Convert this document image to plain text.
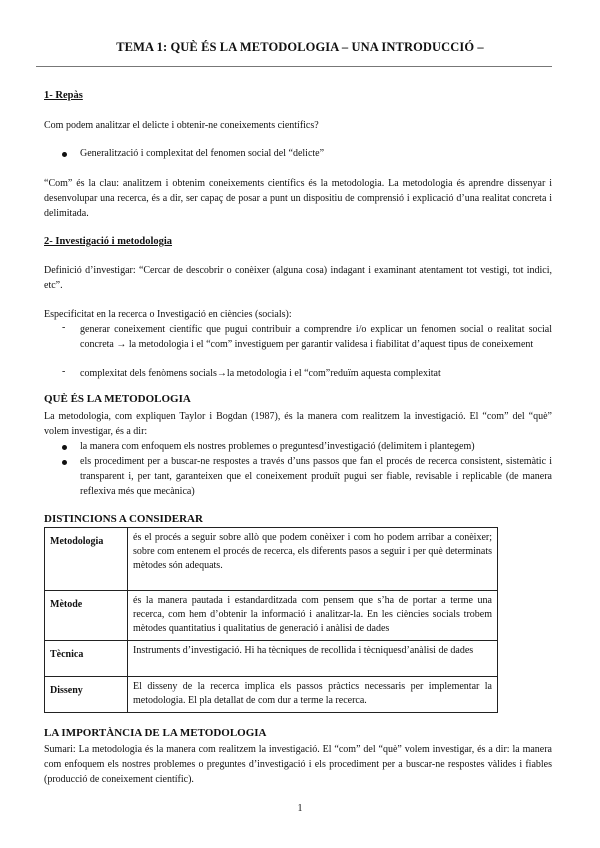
TEMA 1: QUÈ ÉS LA METODOLOGIA – UNA INTRODUCCIÓ –
1- Repàs
Com podem analitzar el delicte i obtenir-ne coneixements científics?
Generalització i complexitat del fenomen social del “delicte”
“Com” és la clau: analitzem i obtenim coneixements científics és la metodologia. La metodologia és aprendre dissenyar i desenvolupar una recerca, és a dir, ser capaç de posar a punt un dispositiu de comprensió i explicació d’una realitat concreta i delimitada.
2- Investigació i metodologia
Definició d’investigar: “Cercar de descobrir o conèixer (alguna cosa) indagant i examinant atentament tot vestigi, tot indici, etc”.
Especificitat en la recerca o Investigació en ciències (socials):
- generar coneixement científic que pugui contribuir a comprendre i/o explicar un fenomen social o realitat social concreta → la metodologia i el “com” investiguem per garantir validesa i fiabilitat d’aquest tipus de coneixement
- complexitat dels fenòmens socials→la metodologia i el “com”reduïm aquesta complexitat
QUÈ ÉS LA METODOLOGIA
La metodologia, com expliquen Taylor i Bogdan (1987), és la manera com realitzem la investigació. El “com” del “què” volem investigar, és a dir:
la manera com enfoquem els nostres problemes o preguntesd’investigació (delimitem i plantegem)
els procediment per a buscar-ne respostes a través d’uns passos que fan el procés de recerca consistent, sistemàtic i transparent i, per tant, garanteixen que el coneixement produït pugui ser fiable, revisable i replicable (de manera reflexiva més que mecànica)
DISTINCIONS A CONSIDERAR
Metodologia	és el procés a seguir sobre allò que podem conèixer i com ho podem arribar a conèixer; sobre com entenem el procés de recerca, els diferents pasos a seguir i per què determinats mètodes són adequats.
Mètode	és la manera pautada i estandarditzada com pensem que s’ha de portar a terme una recerca, com hem d’obtenir la informació i analitzar-la. En les ciències socials trobem mètodes quantitatius i qualitatius de generació i anàlisi de dades
Tècnica	Instruments d’investigació. Hi ha tècniques de recollida i tècniquesd’anàlisi de dades
Disseny	El disseny de la recerca implica els passos pràctics necessaris per implementar la metodologia. El pla detallat de com dur a terme la recerca.
LA IMPORTÀNCIA DE LA METODOLOGIA
Sumari: La metodologia és la manera com realitzem la investigació. El “com” del “què” volem investigar, és a dir: la manera com enfoquem els nostres problemes o preguntes d’investigació i els procediment per a buscar-ne respostes vàlides i fiables (producció de coneixement científic).
1
